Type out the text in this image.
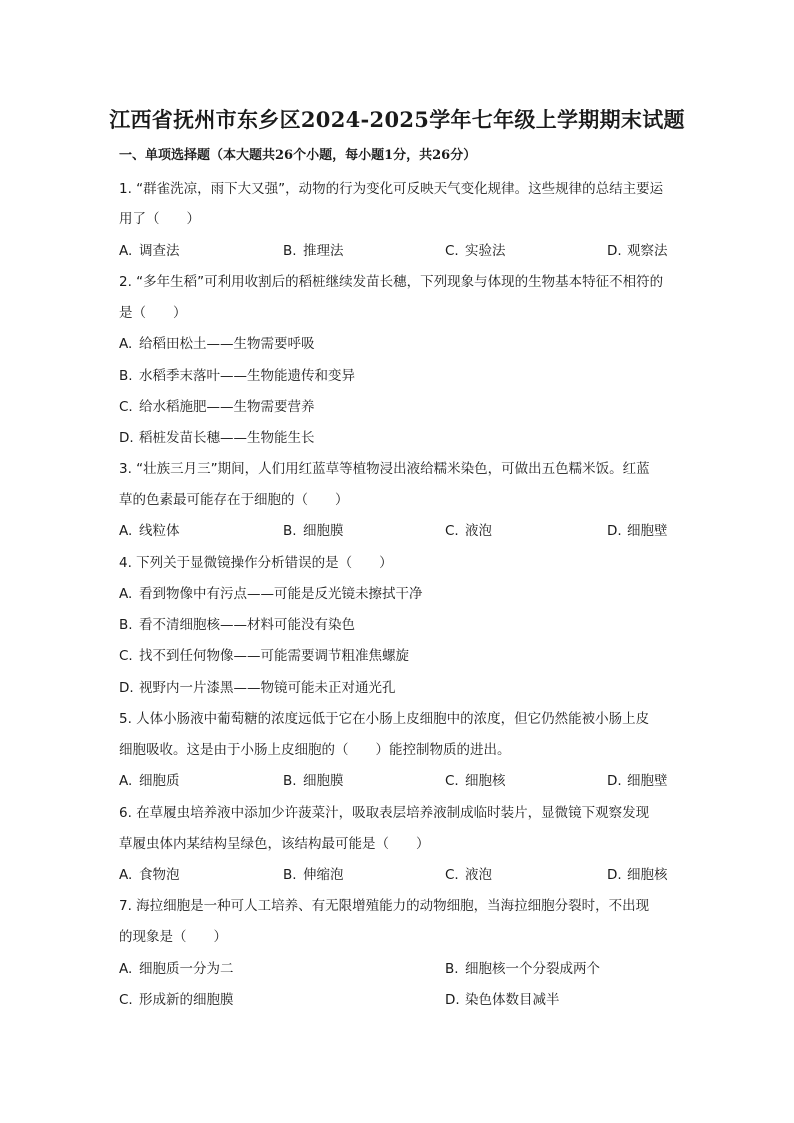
江西省抚州市东乡区2024-2025学年七年级上学期期末试题
一、单项选择题（本大题共26个小题，每小题1分，共26分）
1. “群雀洗凉，雨下大又强”，动物的行为变化可反映天气变化规律。这些规律的总结主要运
用了（　　）
A. 调查法	B. 推理法	C. 实验法	D. 观察法
2. “多年生稻”可利用收割后的稻桩继续发苗长穗，下列现象与体现的生物基本特征不相符的
是（　　）
A. 给稻田松土——生物需要呼吸
B. 水稻季末落叶——生物能遗传和变异
C. 给水稻施肥——生物需要营养
D. 稻桩发苗长穗——生物能生长
3. “壮族三月三”期间，人们用红蓝草等植物浸出液给糯米染色，可做出五色糯米饭。红蓝
草的色素最可能存在于细胞的（　　）
A. 线粒体	B. 细胞膜	C. 液泡	D. 细胞壁
4. 下列关于显微镜操作分析错误的是（　　）
A. 看到物像中有污点——可能是反光镜未擦拭干净
B. 看不清细胞核——材料可能没有染色
C. 找不到任何物像——可能需要调节粗准焦螺旋
D. 视野内一片漆黑——物镜可能未正对通光孔
5. 人体小肠液中葡萄糖的浓度远低于它在小肠上皮细胞中的浓度，但它仍然能被小肠上皮
细胞吸收。这是由于小肠上皮细胞的（　　）能控制物质的进出。
A. 细胞质	B. 细胞膜	C. 细胞核	D. 细胞壁
6. 在草履虫培养液中添加少许菠菜汁，吸取表层培养液制成临时装片，显微镜下观察发现
草履虫体内某结构呈绿色，该结构最可能是（　　）
A. 食物泡	B. 伸缩泡	C. 液泡	D. 细胞核
7. 海拉细胞是一种可人工培养、有无限增殖能力的动物细胞，当海拉细胞分裂时，不出现
的现象是（　　）
A. 细胞质一分为二	B. 细胞核一个分裂成两个
C. 形成新的细胞膜	D. 染色体数目减半
